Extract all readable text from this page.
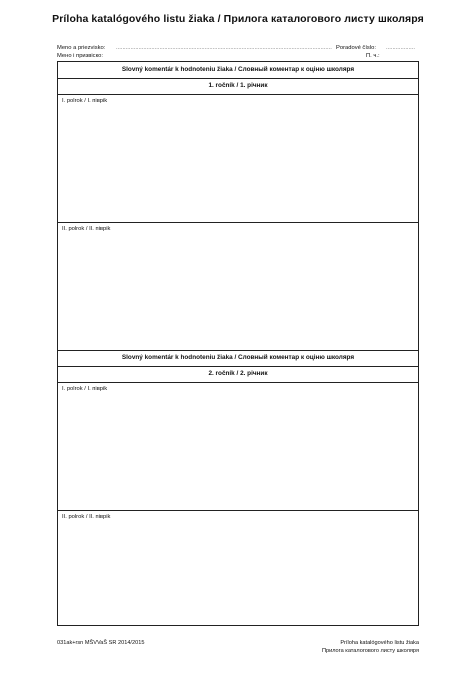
Príloha katalógového listu žiaka / Прилога каталогового листу школяря
Meno a priezvisko: ......................................................................................................................................
Мено і призвіско:
Poradové číslo: ..................
П. ч.:
Slovný komentár k hodnoteniu žiaka / Словный коментар к оціню школяря
1. ročník / 1. річник
I. polrok / I. півріk
II. polrok / II. півріk
Slovný komentár k hodnoteniu žiaka / Словный коментар к оціню школяря
2. ročník / 2. річник
I. polrok / I. півріk
II. polrok / II. півріk
031ak+rsn MŠVVaŠ SR 2014/2015	Príloha katalógového listu žiaka
Прилога каталогового листу школяря
